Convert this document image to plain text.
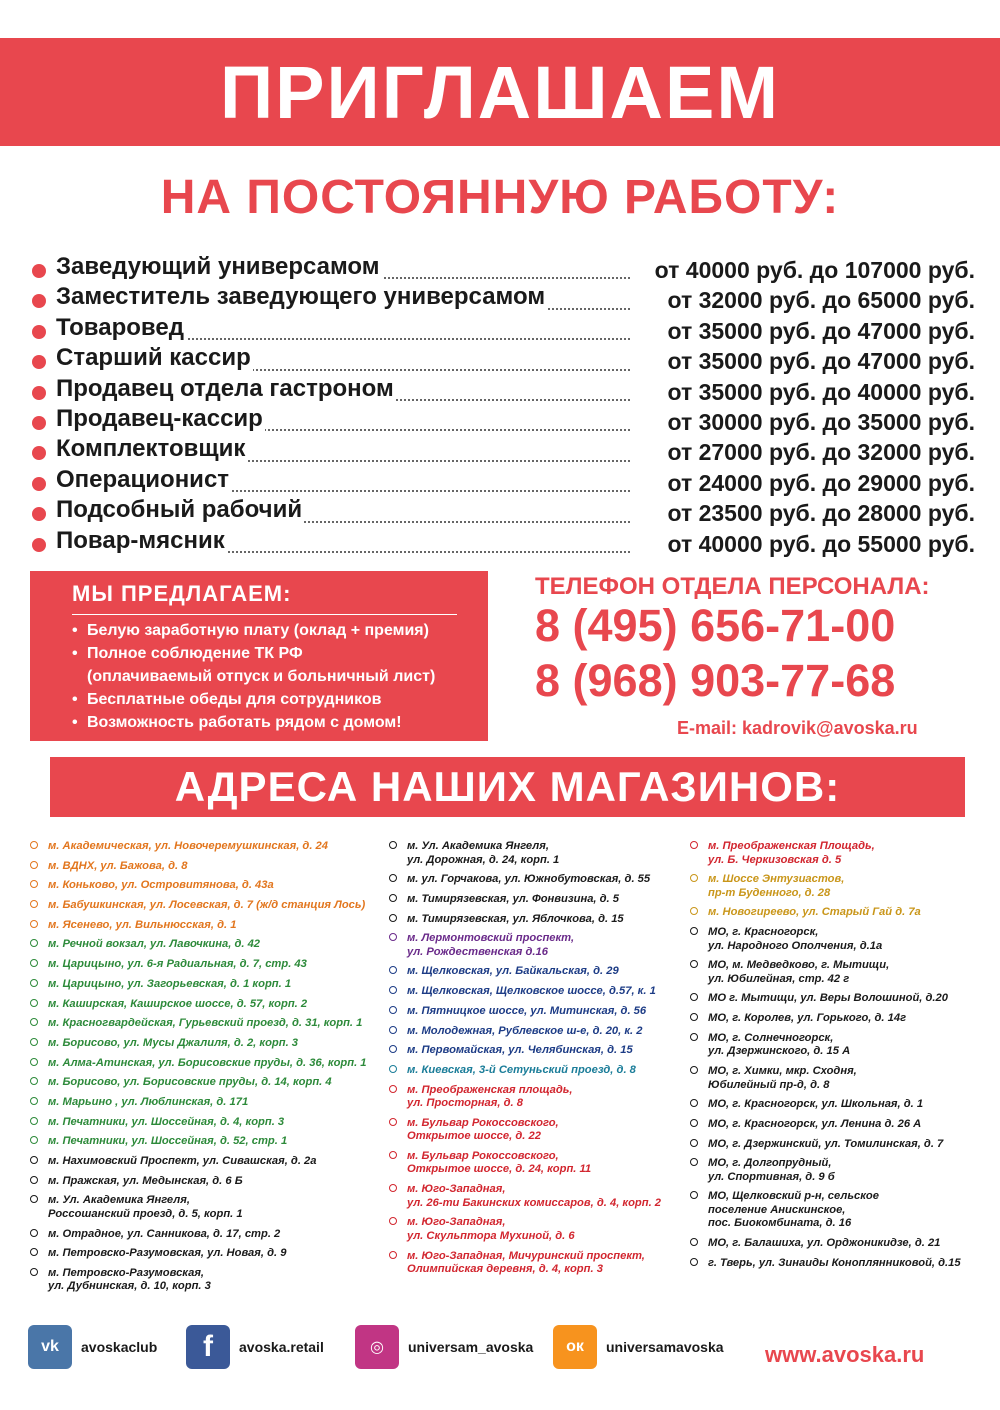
ПРИГЛАШАЕМ
НА ПОСТОЯННУЮ РАБОТУ:
Заведующий универсамом	от 40000 руб. до 107000 руб.
Заместитель заведующего универсамом	от 32000 руб. до 65000 руб.
Товаровед	от 35000 руб. до 47000 руб.
Старший кассир	от 35000 руб. до 47000 руб.
Продавец отдела гастроном	от 35000 руб. до 40000 руб.
Продавец-кассир	от 30000 руб. до 35000 руб.
Комплектовщик	от 27000 руб. до 32000 руб.
Операционист	от 24000 руб. до 29000 руб.
Подсобный рабочий	от 23500 руб. до 28000 руб.
Повар-мясник	от 40000 руб. до 55000 руб.
МЫ ПРЕДЛАГАЕМ:
• Белую заработную плату (оклад + премия)
• Полное соблюдение ТК РФ
(оплачиваемый отпуск и больничный лист)
• Бесплатные обеды для сотрудников
• Возможность работать рядом с домом!
ТЕЛЕФОН ОТДЕЛА ПЕРСОНАЛА:
8 (495) 656-71-00
8 (968) 903-77-68
E-mail: kadrovik@avoska.ru
АДРЕСА НАШИХ МАГАЗИНОВ:
м. Академическая, ул. Новочеремушкинская, д. 24
м. ВДНХ, ул. Бажова, д. 8
м. Коньково, ул. Островитянова, д. 43а
м. Бабушкинская, ул. Лосевская, д. 7 (ж/д станция Лось)
м. Ясенево, ул. Вильнюсская, д. 1
м. Речной вокзал, ул. Лавочкина, д. 42
м. Царицыно, ул. 6-я Радиальная, д. 7, стр. 43
м. Царицыно, ул. Загорьевская, д. 1 корп. 1
м. Каширская, Каширское шоссе, д. 57, корп. 2
м. Красногвардейская, Гурьевский проезд, д. 31, корп. 1
м. Борисово, ул. Мусы Джалиля, д. 2, корп. 3
м. Алма-Атинская, ул. Борисовские пруды, д. 36, корп. 1
м. Борисово, ул. Борисовские пруды, д. 14, корп. 4
м. Марьино , ул. Люблинская, д. 171
м. Печатники, ул. Шоссейная, д. 4, корп. 3
м. Печатники, ул. Шоссейная, д. 52, стр. 1
м. Нахимовский Проспект, ул. Сивашская, д. 2а
м. Пражская, ул. Медынская, д. 6 Б
м. Ул. Академика Янгеля,
Россошанский проезд, д. 5, корп. 1
м. Отрадное, ул. Санникова, д. 17, стр. 2
м. Петровско-Разумовская, ул. Новая, д. 9
м. Петровско-Разумовская,
ул. Дубнинская, д. 10, корп. 3
м. Ул. Академика Янгеля,
ул. Дорожная, д. 24, корп. 1
м. ул. Горчакова, ул. Южнобутовская, д. 55
м. Тимирязевская, ул. Фонвизина, д. 5
м. Тимирязевская, ул. Яблочкова, д. 15
м. Лермонтовский проспект,
ул. Рождественская д.16
м. Щелковская, ул. Байкальская, д. 29
м. Щелковская, Щелковское шоссе, д.57, к. 1
м. Пятницкое шоссе, ул. Митинская, д. 56
м. Молодежная, Рублевское ш-е, д. 20, к. 2
м. Первомайская, ул. Челябинская, д. 15
м. Киевская, 3-й Сетуньский проезд, д. 8
м. Преображенская площадь,
ул. Просторная, д. 8
м. Бульвар Рокоссовского,
Открытое шоссе, д. 22
м. Бульвар Рокоссовского,
Открытое шоссе, д. 24, корп. 11
м. Юго-Западная,
ул. 26-ти Бакинских комиссаров, д. 4, корп. 2
м. Юго-Западная,
ул. Скульптора Мухиной, д. 6
м. Юго-Западная, Мичуринский проспект,
Олимпийская деревня, д. 4, корп. 3
м. Преображенская Площадь,
ул. Б. Черкизовская д. 5
м. Шоссе Энтузиастов,
пр-т Буденного, д. 28
м. Новогиреево, ул. Старый Гай д. 7а
МО, г. Красногорск,
ул. Народного Ополчения, д.1а
МО, м. Медведково, г. Мытищи,
ул. Юбилейная, стр. 42 г
МО г. Мытищи, ул. Веры Волошиной, д.20
МО, г. Королев, ул. Горького, д. 14г
МО, г. Солнечногорск,
ул. Дзержинского, д. 15 А
МО, г. Химки, мкр. Сходня,
Юбилейный пр-д, д. 8
МО, г. Красногорск, ул. Школьная, д. 1
МО, г. Красногорск, ул. Ленина д. 26 А
МО, г. Дзержинский, ул. Томилинская, д. 7
МО, г. Долгопрудный,
ул. Спортивная, д. 9 б
МО, Щелковский р-н, сельское
поселение Анискинское,
пос. Биокомбината, д. 16
МО, г. Балашиха, ул. Орджоникидзе, д. 21
г. Тверь, ул. Зинаиды Коноплянниковой, д.15
vk	avoskaclub	f	avoska.retail	◎	universam_avoska	ок	universamavoska www.avoska.ru
